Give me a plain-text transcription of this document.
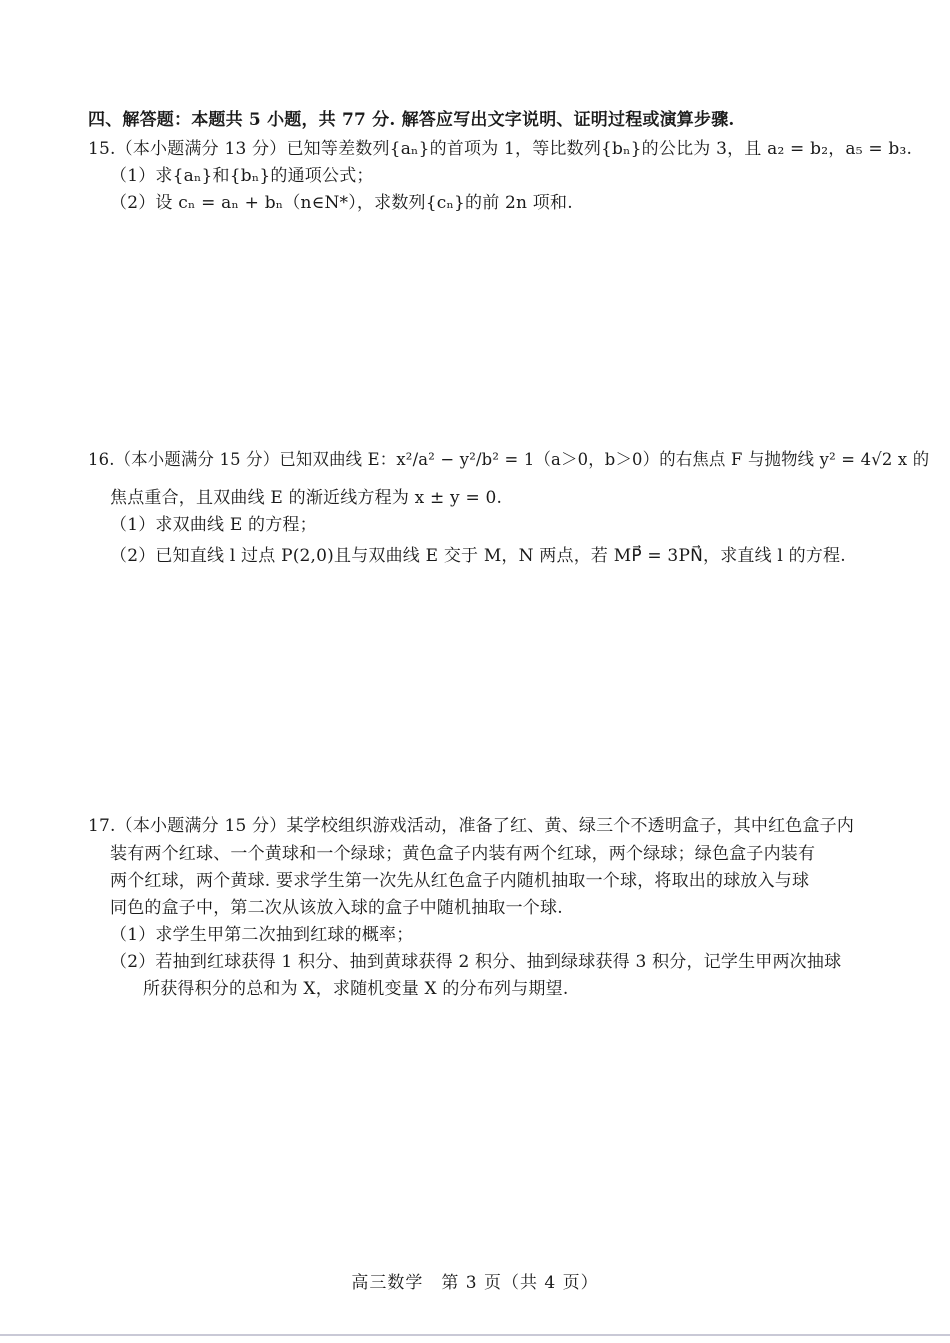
四、解答题：本题共 5 小题，共 77 分. 解答应写出文字说明、证明过程或演算步骤.
15.（本小题满分 13 分）已知等差数列{aₙ}的首项为 1，等比数列{bₙ}的公比为 3，且 a₂ = b₂，a₅ = b₃.
（1）求{aₙ}和{bₙ}的通项公式；
（2）设 cₙ = aₙ + bₙ（n∈N*），求数列{cₙ}的前 2n 项和.
16.（本小题满分 15 分）已知双曲线 E：x²/a² − y²/b² = 1（a＞0，b＞0）的右焦点 F 与抛物线 y² = 4√2 x 的
焦点重合，且双曲线 E 的渐近线方程为 x ± y = 0.
（1）求双曲线 E 的方程；
（2）已知直线 l 过点 P(2,0)且与双曲线 E 交于 M，N 两点，若 MP⃗ = 3PN⃗，求直线 l 的方程.
17.（本小题满分 15 分）某学校组织游戏活动，准备了红、黄、绿三个不透明盒子，其中红色盒子内
装有两个红球、一个黄球和一个绿球；黄色盒子内装有两个红球，两个绿球；绿色盒子内装有
两个红球，两个黄球. 要求学生第一次先从红色盒子内随机抽取一个球，将取出的球放入与球
同色的盒子中，第二次从该放入球的盒子中随机抽取一个球.
（1）求学生甲第二次抽到红球的概率；
（2）若抽到红球获得 1 积分、抽到黄球获得 2 积分、抽到绿球获得 3 积分，记学生甲两次抽球
所获得积分的总和为 X，求随机变量 X 的分布列与期望.
高三数学　第 3 页（共 4 页）
